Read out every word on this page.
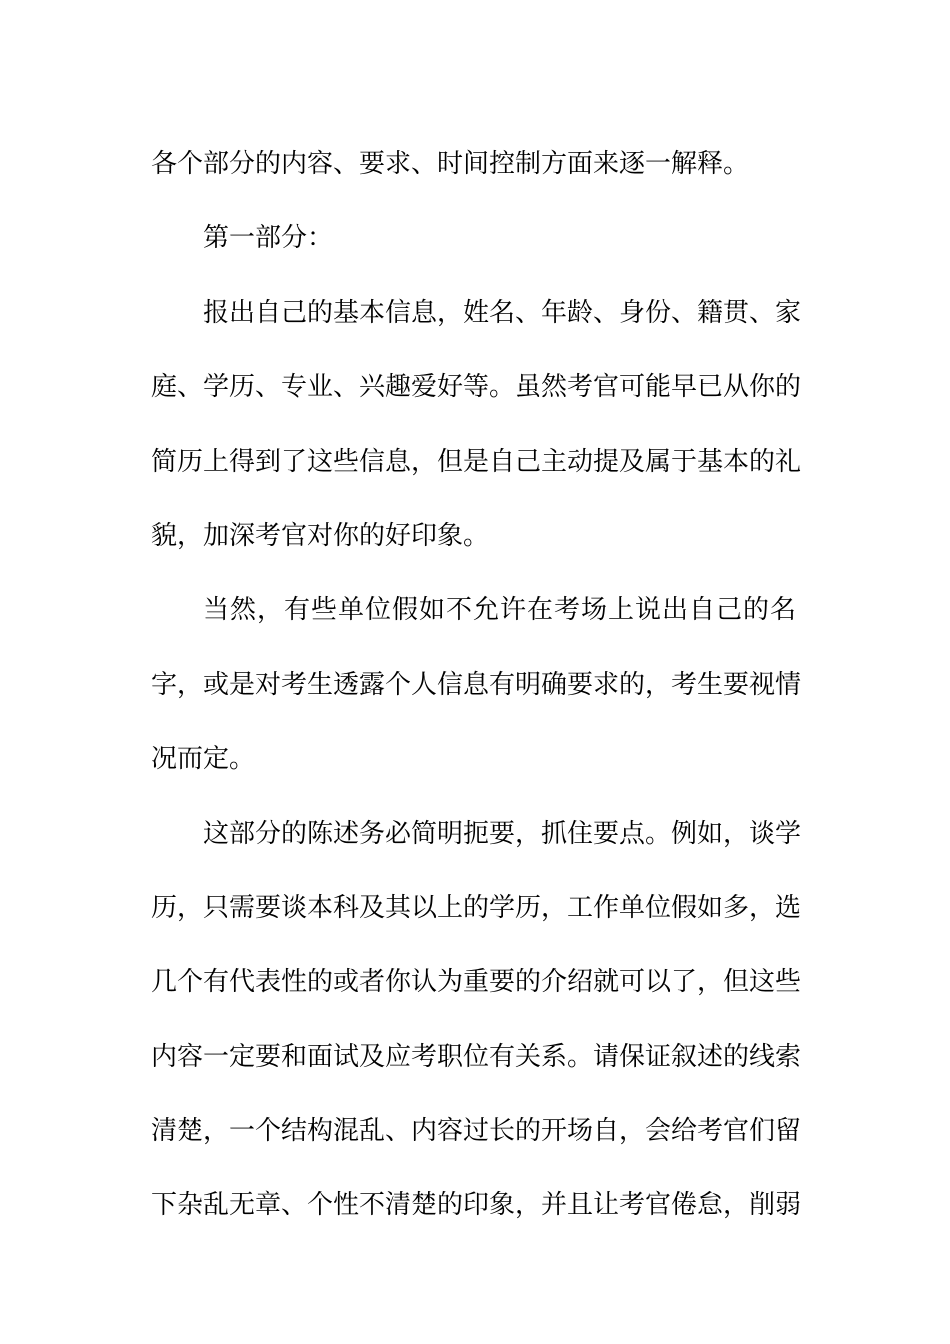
各个部分的内容、要求、时间控制方面来逐一解释。
第一部分：
报出自己的基本信息，姓名、年龄、身份、籍贯、家
庭、学历、专业、兴趣爱好等。虽然考官可能早已从你的
简历上得到了这些信息，但是自己主动提及属于基本的礼
貌，加深考官对你的好印象。
当然，有些单位假如不允许在考场上说出自己的名
字，或是对考生透露个人信息有明确要求的，考生要视情
况而定。
这部分的陈述务必简明扼要，抓住要点。例如，谈学
历，只需要谈本科及其以上的学历，工作单位假如多，选
几个有代表性的或者你认为重要的介绍就可以了，但这些
内容一定要和面试及应考职位有关系。请保证叙述的线索
清楚，一个结构混乱、内容过长的开场自，会给考官们留
下杂乱无章、个性不清楚的印象，并且让考官倦怠，削弱
